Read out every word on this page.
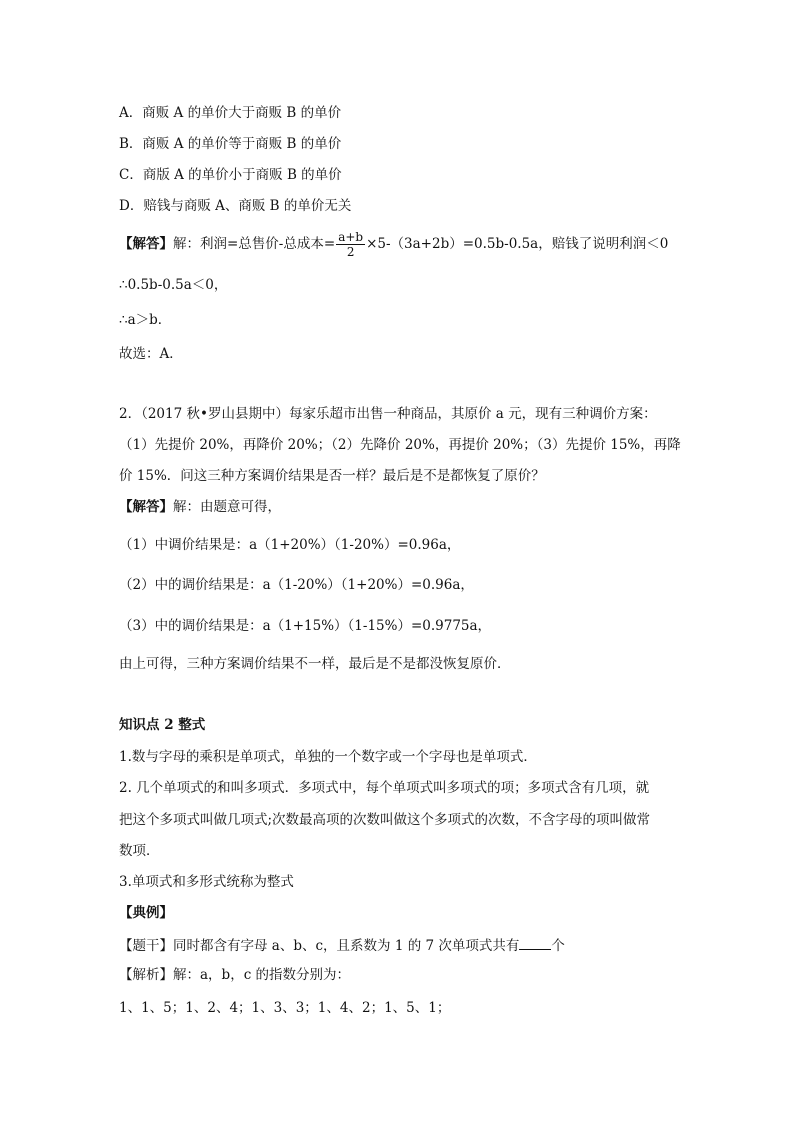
A．商贩 A 的单价大于商贩 B 的单价
B．商贩 A 的单价等于商贩 B 的单价
C．商版 A 的单价小于商贩 B 的单价
D．赔钱与商贩 A、商贩 B 的单价无关
【解答】解：利润=总售价-总成本= $\frac{a+b}{2} \times 5-(3a+2b)=0.5b-0.5a$，赔钱了说明利润＜0
∴0.5b-0.5a＜0，
∴a＞b．
故选：A．
2．（2017 秋•罗山县期中）每家乐超市出售一种商品，其原价 a 元，现有三种调价方案：
（1）先提价 20%，再降价 20%；（2）先降价 20%，再提价 20%；（3）先提价 15%，再降
价 15%．问这三种方案调价结果是否一样？最后是不是都恢复了原价？
【解答】解：由题意可得，
（1）中调价结果是：a（1+20%）（1-20%）=0.96a，
（2）中的调价结果是：a（1-20%）（1+20%）=0.96a，
（3）中的调价结果是：a（1+15%）（1-15%）=0.9775a，
由上可得，三种方案调价结果不一样，最后是不是都没恢复原价．
知识点 2 整式
1.数与字母的乘积是单项式，单独的一个数字或一个字母也是单项式．
2. 几个单项式的和叫多项式．多项式中，每个单项式叫多项式的项；多项式含有几项，就
把这个多项式叫做几项式;次数最高项的次数叫做这个多项式的次数，不含字母的项叫做常
数项．
3.单项式和多形式统称为整式
【典例】
【题干】同时都含有字母 a、b、c，且系数为 1 的 7 次单项式共有 个
【解析】解：a，b，c 的指数分别为：
1、1、5；1、2、4；1、3、3；1、4、2；1、5、1；
